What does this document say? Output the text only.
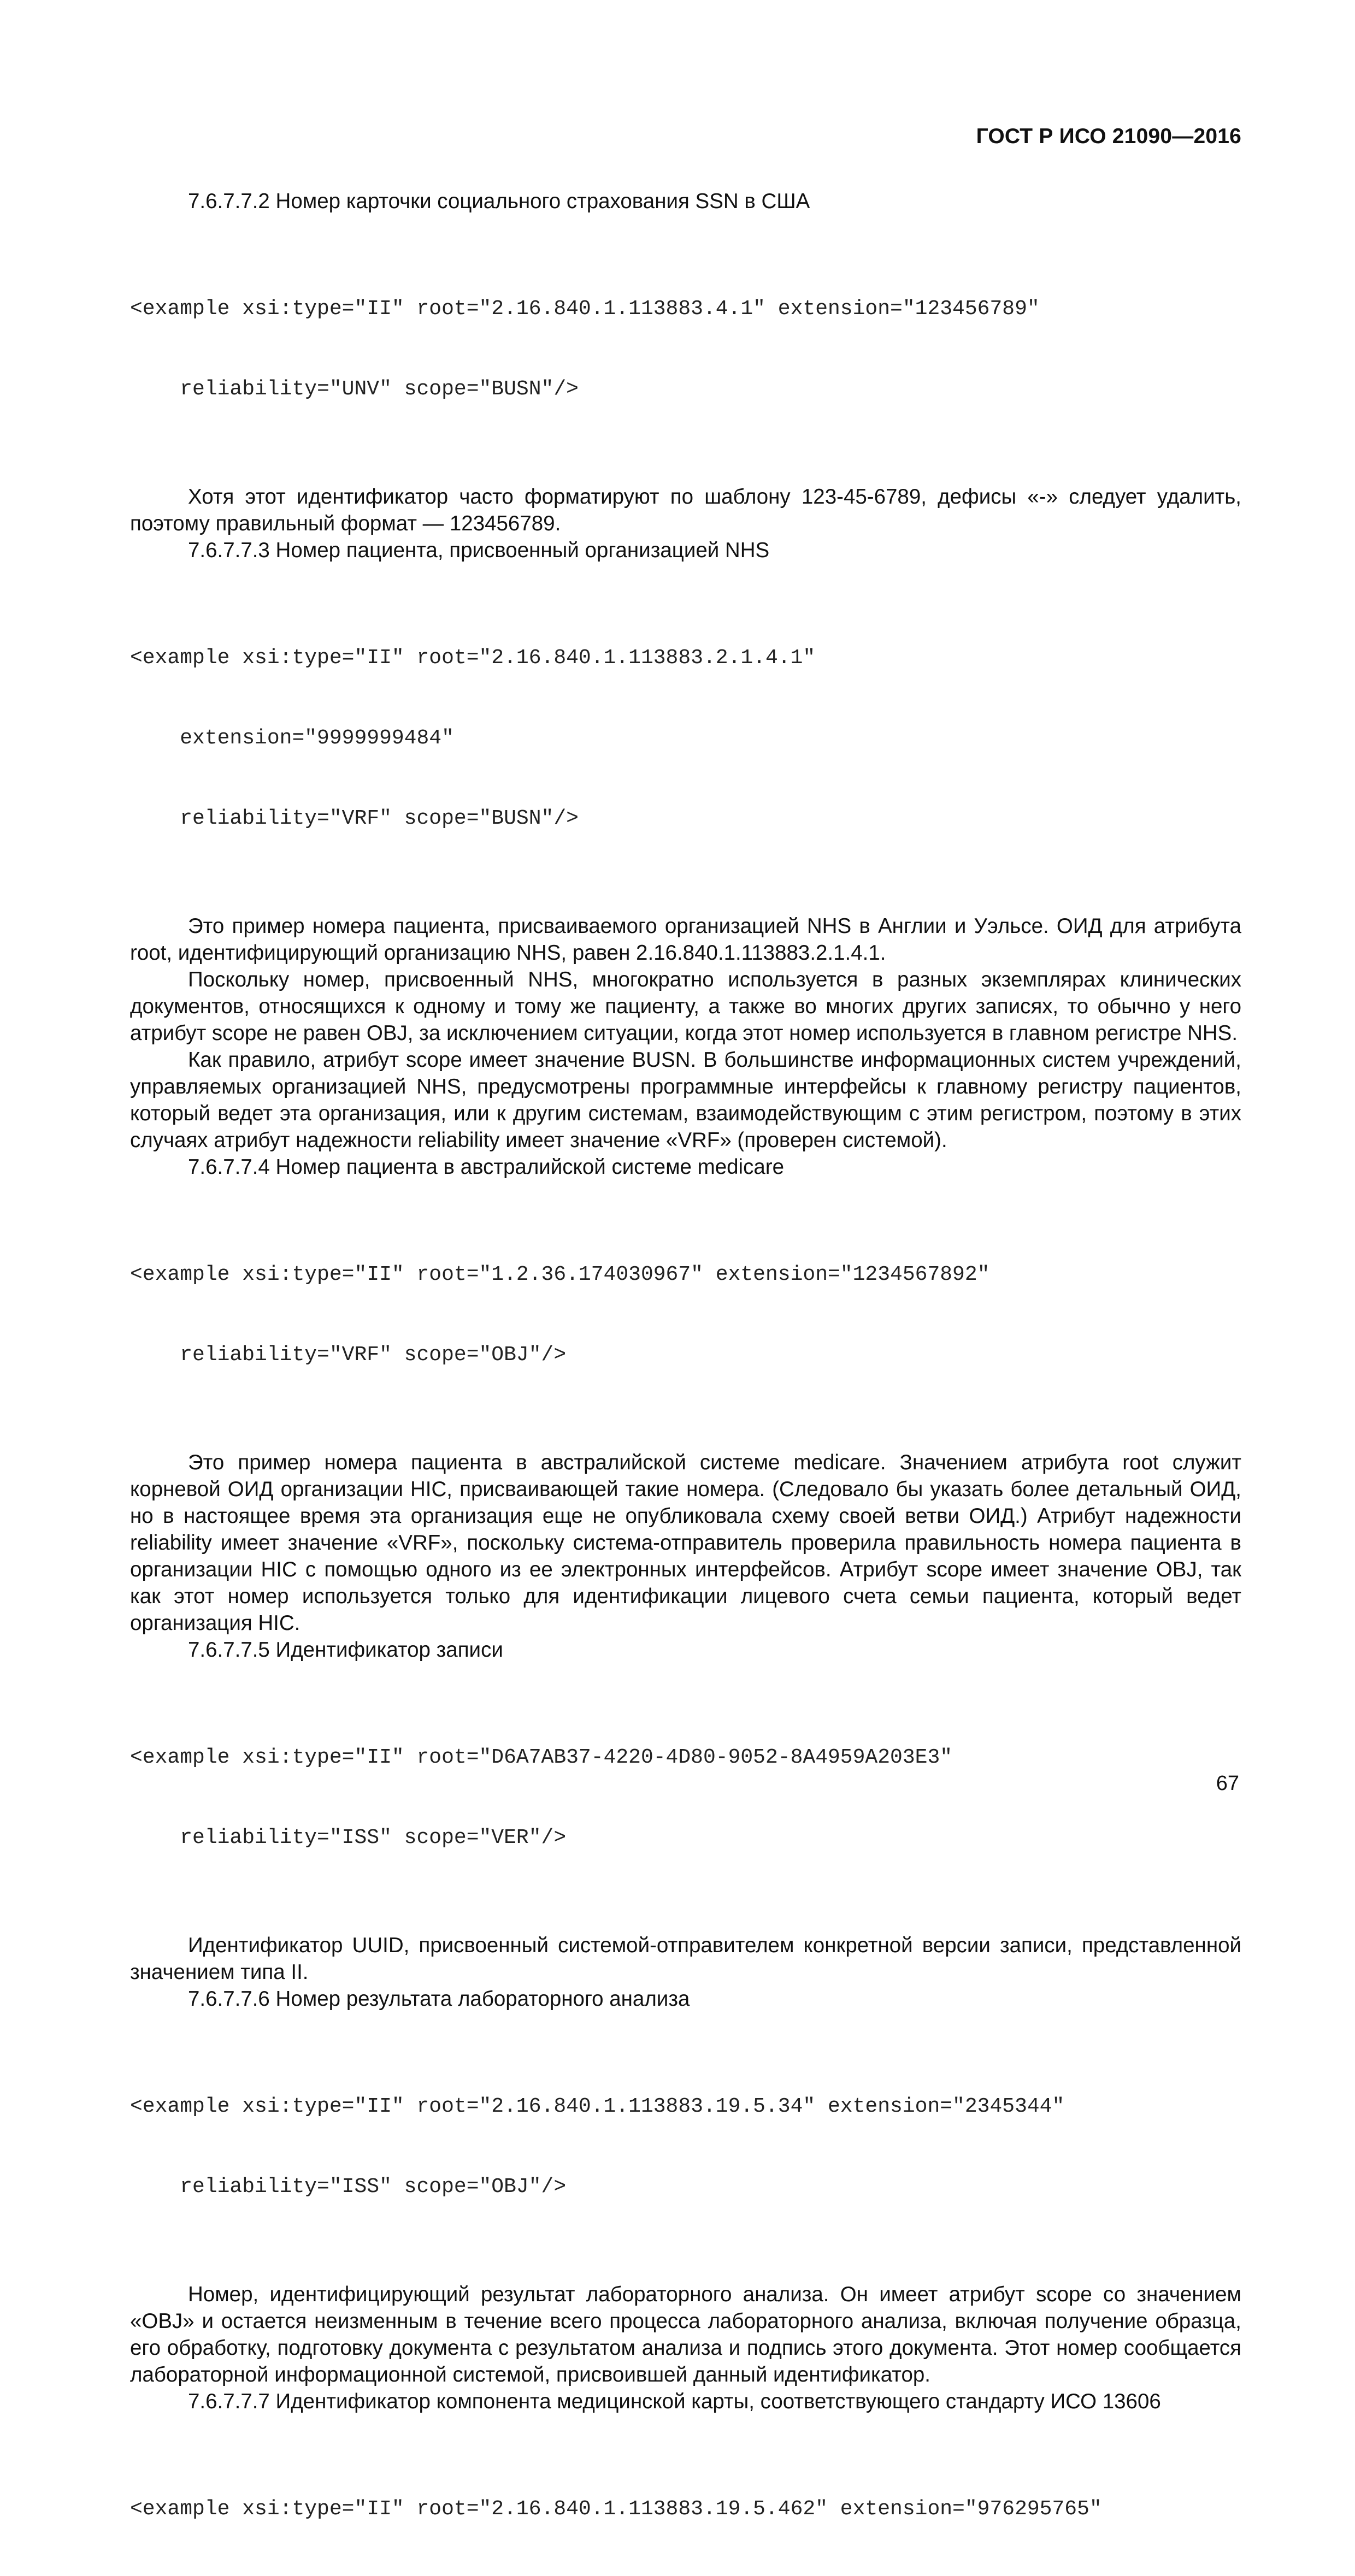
ГОСТ Р ИСО 21090—2016

7.6.7.7.2 Номер карточки социального страхования SSN в США

<example xsi:type="II" root="2.16.840.1.113883.4.1" extension="123456789"

reliability="UNV" scope="BUSN"/>

Хотя этот идентификатор часто форматируют по шаблону 123-45-6789, дефисы «-» следует удалить, поэтому правильный формат — 123456789.

7.6.7.7.3 Номер пациента, присвоенный организацией NHS

<example xsi:type="II" root="2.16.840.1.113883.2.1.4.1"

extension="9999999484"

reliability="VRF" scope="BUSN"/>

Это пример номера пациента, присваиваемого организацией NHS в Англии и Уэльсе. ОИД для атрибута root, идентифицирующий организацию NHS, равен 2.16.840.1.113883.2.1.4.1.

Поскольку номер, присвоенный NHS, многократно используется в разных экземплярах клинических документов, относящихся к одному и тому же пациенту, а также во многих других записях, то обычно у него атрибут scope не равен OBJ, за исключением ситуации, когда этот номер используется в главном регистре NHS.

Как правило, атрибут scope имеет значение BUSN. В большинстве информационных систем учреждений, управляемых организацией NHS, предусмотрены программные интерфейсы к главному регистру пациентов, который ведет эта организация, или к другим системам, взаимодействующим с этим регистром, поэтому в этих случаях атрибут надежности reliability имеет значение «VRF» (проверен системой).

7.6.7.7.4 Номер пациента в австралийской системе medicare

<example xsi:type="II" root="1.2.36.174030967" extension="1234567892"

reliability="VRF" scope="OBJ"/>

Это пример номера пациента в австралийской системе medicare. Значением атрибута root служит корневой ОИД организации HIC, присваивающей такие номера. (Следовало бы указать более детальный ОИД, но в настоящее время эта организация еще не опубликовала схему своей ветви ОИД.) Атрибут надежности reliability имеет значение «VRF», поскольку система-отправитель проверила правильность номера пациента в организации HIC с помощью одного из ее электронных интерфейсов. Атрибут scope имеет значение OBJ, так как этот номер используется только для идентификации лицевого счета семьи пациента, который ведет организация HIC.

7.6.7.7.5 Идентификатор записи

<example xsi:type="II" root="D6A7AB37-4220-4D80-9052-8A4959A203E3"

reliability="ISS" scope="VER"/>

Идентификатор UUID, присвоенный системой-отправителем конкретной версии записи, представленной значением типа II.

7.6.7.7.6 Номер результата лабораторного анализа

<example xsi:type="II" root="2.16.840.1.113883.19.5.34" extension="2345344"

reliability="ISS" scope="OBJ"/>

Номер, идентифицирующий результат лабораторного анализа. Он имеет атрибут scope со значением «OBJ» и остается неизменным в течение всего процесса лабораторного анализа, включая получение образца, его обработку, подготовку документа с результатом анализа и подпись этого документа. Этот номер сообщается лабораторной информационной системой, присвоившей данный идентификатор.

7.6.7.7.7 Идентификатор компонента медицинской карты, соответствующего стандарту ИСО 13606

<example xsi:type="II" root="2.16.840.1.113883.19.5.462" extension="976295765"

67
